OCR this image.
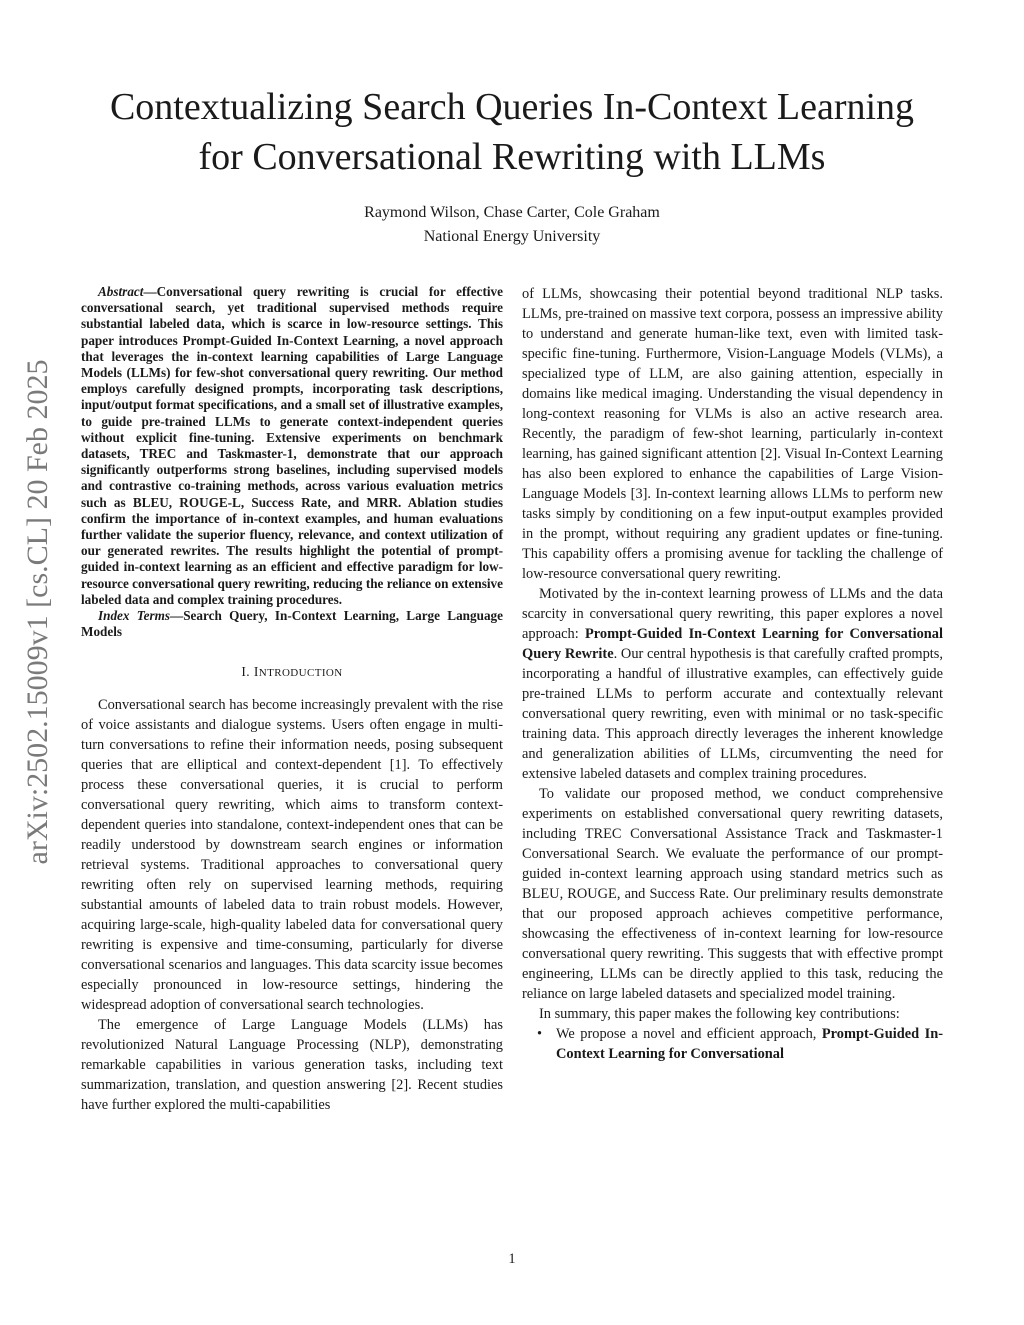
Contextualizing Search Queries In-Context Learning
for Conversational Rewriting with LLMs
Raymond Wilson, Chase Carter, Cole Graham
National Energy University
arXiv:2502.15009v1 [cs.CL] 20 Feb 2025

Abstract—Conversational query rewriting is crucial for effective conversational search, yet traditional supervised methods require substantial labeled data, which is scarce in low-resource settings. This paper introduces Prompt-Guided In-Context Learning, a novel approach that leverages the in-context learning capabilities of Large Language Models (LLMs) for few-shot conversational query rewriting. Our method employs carefully designed prompts, incorporating task descriptions, input/output format specifications, and a small set of illustrative examples, to guide pre-trained LLMs to generate context-independent queries without explicit fine-tuning. Extensive experiments on benchmark datasets, TREC and Taskmaster-1, demonstrate that our approach significantly outperforms strong baselines, including supervised models and contrastive co-training methods, across various evaluation metrics such as BLEU, ROUGE-L, Success Rate, and MRR. Ablation studies confirm the importance of in-context examples, and human evaluations further validate the superior fluency, relevance, and context utilization of our generated rewrites. The results highlight the potential of prompt-guided in-context learning as an efficient and effective paradigm for low-resource conversational query rewriting, reducing the reliance on extensive labeled data and complex training procedures.

Index Terms—Search Query, In-Context Learning, Large Language Models

I. INTRODUCTION

Conversational search has become increasingly prevalent with the rise of voice assistants and dialogue systems. Users often engage in multi-turn conversations to refine their information needs, posing subsequent queries that are elliptical and context-dependent [1]. To effectively process these conversational queries, it is crucial to perform conversational query rewriting, which aims to transform context-dependent queries into standalone, context-independent ones that can be readily understood by downstream search engines or information retrieval systems. Traditional approaches to conversational query rewriting often rely on supervised learning methods, requiring substantial amounts of labeled data to train robust models. However, acquiring large-scale, high-quality labeled data for conversational query rewriting is expensive and time-consuming, particularly for diverse conversational scenarios and languages. This data scarcity issue becomes especially pronounced in low-resource settings, hindering the widespread adoption of conversational search technologies.

The emergence of Large Language Models (LLMs) has revolutionized Natural Language Processing (NLP), demonstrating remarkable capabilities in various generation tasks, including text summarization, translation, and question answering [2]. Recent studies have further explored the multi-capabilities

of LLMs, showcasing their potential beyond traditional NLP tasks. LLMs, pre-trained on massive text corpora, possess an impressive ability to understand and generate human-like text, even with limited task-specific fine-tuning. Furthermore, Vision-Language Models (VLMs), a specialized type of LLM, are also gaining attention, especially in domains like medical imaging. Understanding the visual dependency in long-context reasoning for VLMs is also an active research area. Recently, the paradigm of few-shot learning, particularly in-context learning, has gained significant attention [2]. Visual In-Context Learning has also been explored to enhance the capabilities of Large Vision-Language Models [3]. In-context learning allows LLMs to perform new tasks simply by conditioning on a few input-output examples provided in the prompt, without requiring any gradient updates or fine-tuning. This capability offers a promising avenue for tackling the challenge of low-resource conversational query rewriting.

Motivated by the in-context learning prowess of LLMs and the data scarcity in conversational query rewriting, this paper explores a novel approach: Prompt-Guided In-Context Learning for Conversational Query Rewrite. Our central hypothesis is that carefully crafted prompts, incorporating a handful of illustrative examples, can effectively guide pre-trained LLMs to perform accurate and contextually relevant conversational query rewriting, even with minimal or no task-specific training data. This approach directly leverages the inherent knowledge and generalization abilities of LLMs, circumventing the need for extensive labeled datasets and complex training procedures.

To validate our proposed method, we conduct comprehensive experiments on established conversational query rewriting datasets, including TREC Conversational Assistance Track and Taskmaster-1 Conversational Search. We evaluate the performance of our prompt-guided in-context learning approach using standard metrics such as BLEU, ROUGE, and Success Rate. Our preliminary results demonstrate that our proposed approach achieves competitive performance, showcasing the effectiveness of in-context learning for low-resource conversational query rewriting. This suggests that with effective prompt engineering, LLMs can be directly applied to this task, reducing the reliance on large labeled datasets and specialized model training.

In summary, this paper makes the following key contributions:

• We propose a novel and efficient approach, Prompt-Guided In-Context Learning for Conversational
1
